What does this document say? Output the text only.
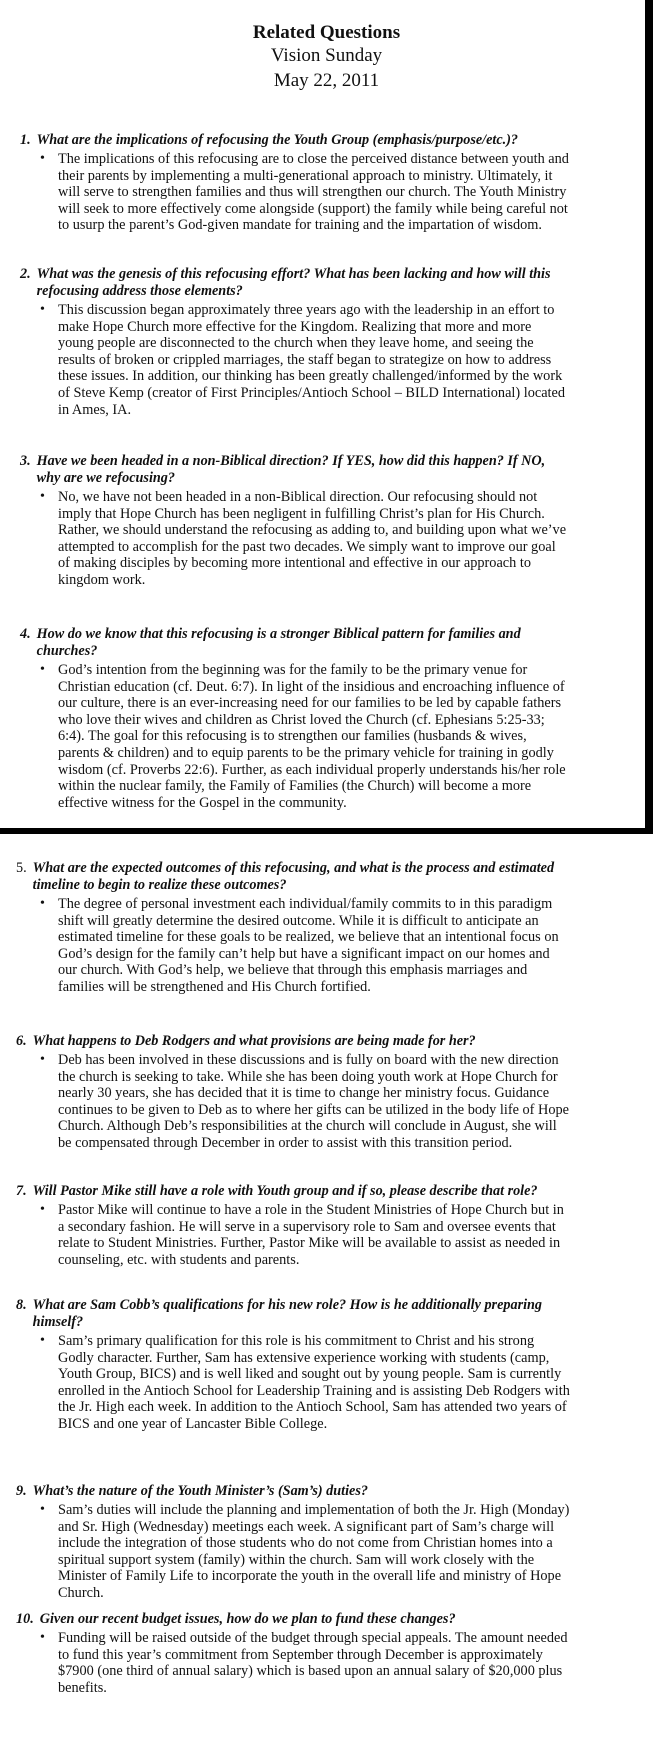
Related Questions
Vision Sunday
May 22, 2011
1. What are the implications of refocusing the Youth Group (emphasis/purpose/etc.)?
• The implications of this refocusing are to close the perceived distance between youth and
their parents by implementing a multi-generational approach to ministry. Ultimately, it
will serve to strengthen families and thus will strengthen our church. The Youth Ministry
will seek to more effectively come alongside (support) the family while being careful not
to usurp the parent’s God-given mandate for training and the impartation of wisdom.
2. What was the genesis of this refocusing effort? What has been lacking and how will this
refocusing address those elements?
• This discussion began approximately three years ago with the leadership in an effort to
make Hope Church more effective for the Kingdom. Realizing that more and more
young people are disconnected to the church when they leave home, and seeing the
results of broken or crippled marriages, the staff began to strategize on how to address
these issues. In addition, our thinking has been greatly challenged/informed by the work
of Steve Kemp (creator of First Principles/Antioch School – BILD International) located
in Ames, IA.
3. Have we been headed in a non-Biblical direction? If YES, how did this happen? If NO,
why are we refocusing?
• No, we have not been headed in a non-Biblical direction. Our refocusing should not
imply that Hope Church has been negligent in fulfilling Christ’s plan for His Church.
Rather, we should understand the refocusing as adding to, and building upon what we’ve
attempted to accomplish for the past two decades. We simply want to improve our goal
of making disciples by becoming more intentional and effective in our approach to
kingdom work.
4. How do we know that this refocusing is a stronger Biblical pattern for families and
churches?
• God’s intention from the beginning was for the family to be the primary venue for
Christian education (cf. Deut. 6:7). In light of the insidious and encroaching influence of
our culture, there is an ever-increasing need for our families to be led by capable fathers
who love their wives and children as Christ loved the Church (cf. Ephesians 5:25-33;
6:4). The goal for this refocusing is to strengthen our families (husbands & wives,
parents & children) and to equip parents to be the primary vehicle for training in godly
wisdom (cf. Proverbs 22:6). Further, as each individual properly understands his/her role
within the nuclear family, the Family of Families (the Church) will become a more
effective witness for the Gospel in the community.
5. What are the expected outcomes of this refocusing, and what is the process and estimated
timeline to begin to realize these outcomes?
• The degree of personal investment each individual/family commits to in this paradigm
shift will greatly determine the desired outcome. While it is difficult to anticipate an
estimated timeline for these goals to be realized, we believe that an intentional focus on
God’s design for the family can’t help but have a significant impact on our homes and
our church. With God’s help, we believe that through this emphasis marriages and
families will be strengthened and His Church fortified.
6. What happens to Deb Rodgers and what provisions are being made for her?
• Deb has been involved in these discussions and is fully on board with the new direction
the church is seeking to take. While she has been doing youth work at Hope Church for
nearly 30 years, she has decided that it is time to change her ministry focus. Guidance
continues to be given to Deb as to where her gifts can be utilized in the body life of Hope
Church. Although Deb’s responsibilities at the church will conclude in August, she will
be compensated through December in order to assist with this transition period.
7. Will Pastor Mike still have a role with Youth group and if so, please describe that role?
• Pastor Mike will continue to have a role in the Student Ministries of Hope Church but in
a secondary fashion. He will serve in a supervisory role to Sam and oversee events that
relate to Student Ministries. Further, Pastor Mike will be available to assist as needed in
counseling, etc. with students and parents.
8. What are Sam Cobb’s qualifications for his new role? How is he additionally preparing
himself?
• Sam’s primary qualification for this role is his commitment to Christ and his strong
Godly character. Further, Sam has extensive experience working with students (camp,
Youth Group, BICS) and is well liked and sought out by young people. Sam is currently
enrolled in the Antioch School for Leadership Training and is assisting Deb Rodgers with
the Jr. High each week. In addition to the Antioch School, Sam has attended two years of
BICS and one year of Lancaster Bible College.
9. What’s the nature of the Youth Minister’s (Sam’s) duties?
• Sam’s duties will include the planning and implementation of both the Jr. High (Monday)
and Sr. High (Wednesday) meetings each week. A significant part of Sam’s charge will
include the integration of those students who do not come from Christian homes into a
spiritual support system (family) within the church. Sam will work closely with the
Minister of Family Life to incorporate the youth in the overall life and ministry of Hope
Church.
10. Given our recent budget issues, how do we plan to fund these changes?
• Funding will be raised outside of the budget through special appeals. The amount needed
to fund this year’s commitment from September through December is approximately
$7900 (one third of annual salary) which is based upon an annual salary of $20,000 plus
benefits.
